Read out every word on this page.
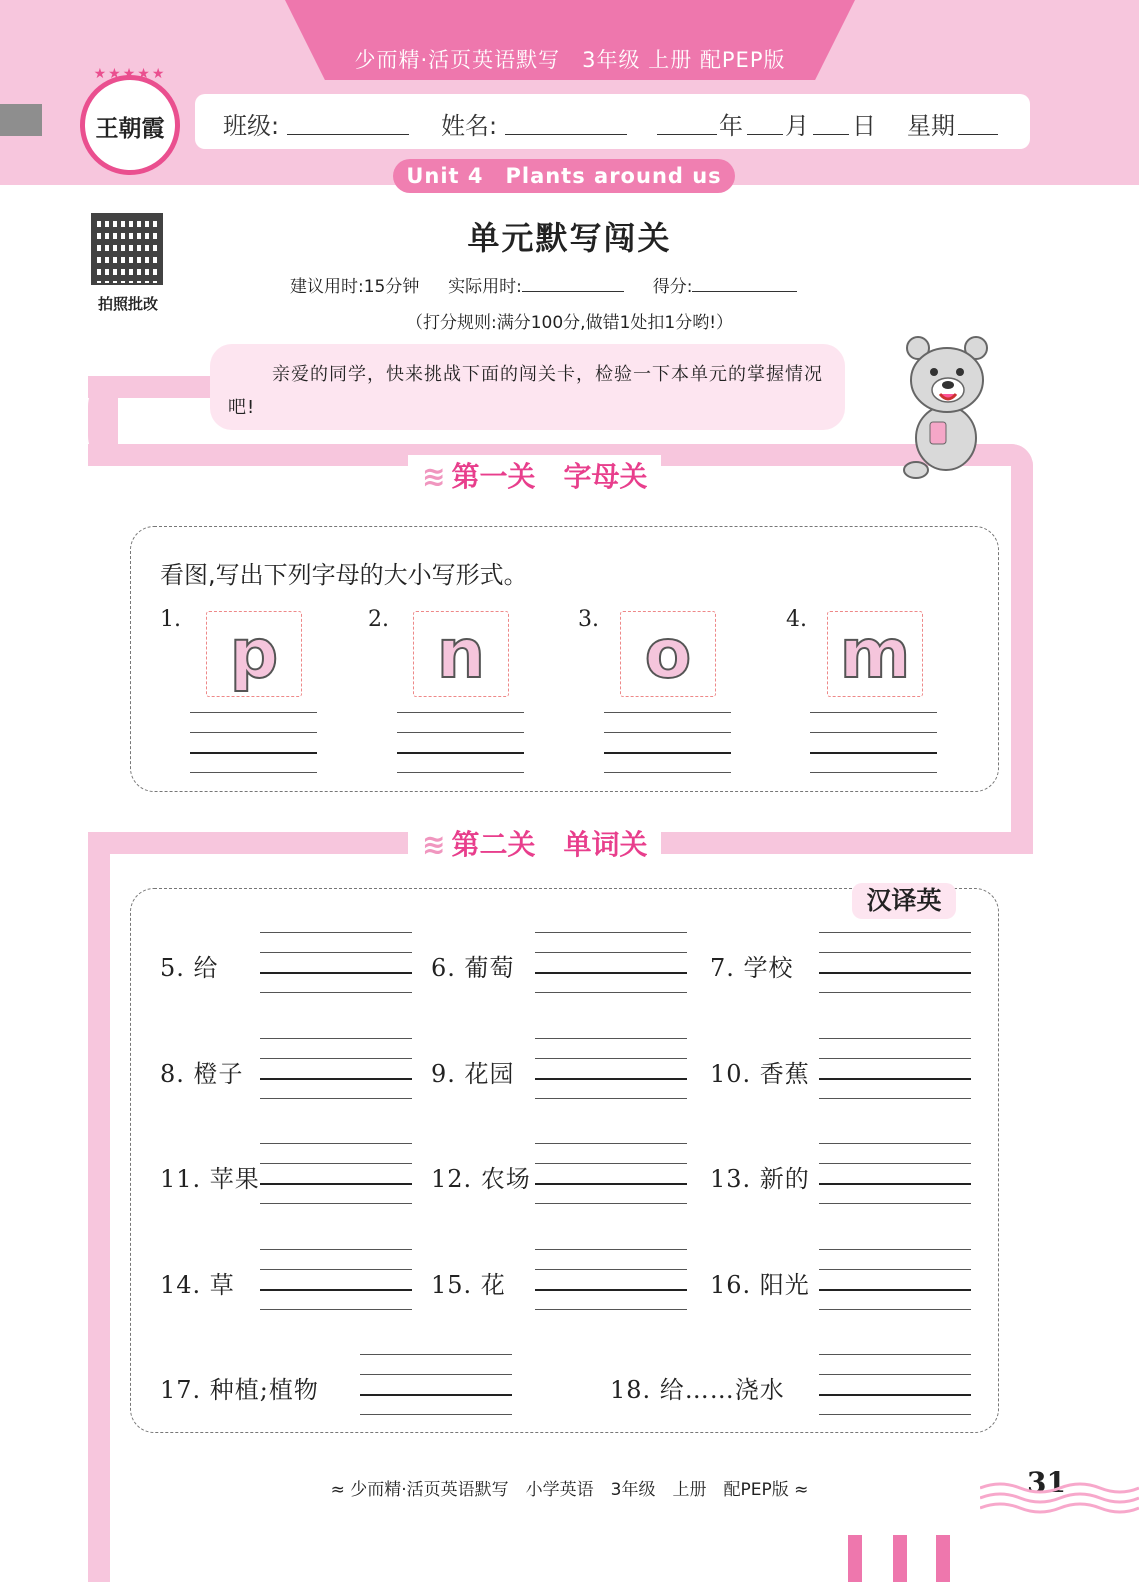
少而精·活页英语默写　3年级 上册 配PEP版
★★★★★
王朝霞	班级:	姓名:	年 月 日 星期
Unit 4　Plants around us
拍照批改
单元默写闯关
建议用时:15分钟 实际用时:	得分:
（打分规则:满分100分,做错1处扣1分哟!）
亲爱的同学，快来挑战下面的闯关卡，检验一下本单元的掌握情况吧!
≋ 第一关　字母关
看图,写出下列字母的大小写形式。
1. p	2. n	3. o	4. m
≋ 第二关　单词关
汉译英
5. 给	6. 葡萄	7. 学校
8. 橙子	9. 花园	10. 香蕉
11. 苹果	12. 农场	13. 新的
14. 草	15. 花	16. 阳光
17. 种植;植物	18. 给……浇水
≈ 少而精·活页英语默写　小学英语　3年级　上册　配PEP版 ≈	31
